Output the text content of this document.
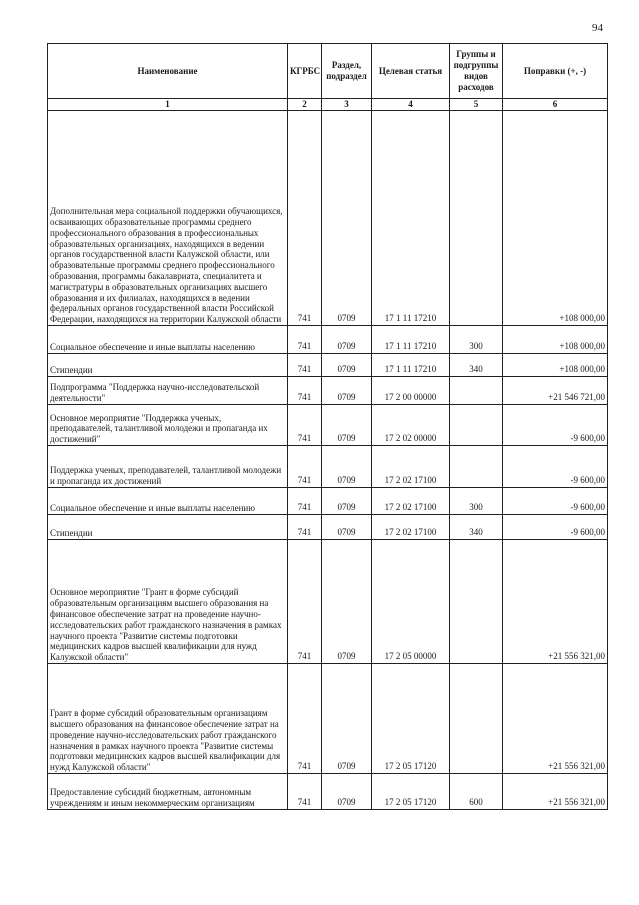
94
Наименование	КГРБС	Раздел, подраздел	Целевая статья	Группы и подгруппы видов расходов	Поправки (+, -)
1	2	3	4	5	6
Дополнительная мера социальной поддержки обучающихся, осваивающих образовательные программы среднего профессионального образования в профессиональных образовательных организациях, находящихся в ведении органов государственной власти Калужской области, или образовательные программы среднего профессионального образования, программы бакалавриата, специалитета и магистратуры в образовательных организациях высшего образования и их филиалах, находящихся в ведении федеральных органов государственной власти Российской Федерации, находящихся на территории Калужской области	741	0709	17 1 11 17210		+108 000,00
Социальное обеспечение и иные выплаты населению	741	0709	17 1 11 17210	300	+108 000,00
Стипендии	741	0709	17 1 11 17210	340	+108 000,00
Подпрограмма "Поддержка научно-исследовательской деятельности"	741	0709	17 2 00 00000		+21 546 721,00
Основное мероприятие "Поддержка ученых, преподавателей, талантливой молодежи и пропаганда их достижений"	741	0709	17 2 02 00000		-9 600,00
Поддержка ученых, преподавателей, талантливой молодежи и пропаганда их достижений	741	0709	17 2 02 17100		-9 600,00
Социальное обеспечение и иные выплаты населению	741	0709	17 2 02 17100	300	-9 600,00
Стипендии	741	0709	17 2 02 17100	340	-9 600,00
Основное мероприятие "Грант в форме субсидий образовательным организациям высшего образования на финансовое обеспечение затрат на проведение научно-исследовательских работ гражданского назначения в рамках научного проекта "Развитие системы подготовки медицинских кадров высшей квалификации для нужд Калужской области"	741	0709	17 2 05 00000		+21 556 321,00
Грант в форме субсидий образовательным организациям высшего образования на финансовое обеспечение затрат на проведение научно-исследовательских работ гражданского назначения в рамках научного проекта "Развитие системы подготовки медицинских кадров высшей квалификации для нужд Калужской области"	741	0709	17 2 05 17120		+21 556 321,00
Предоставление субсидий бюджетным, автономным учреждениям и иным некоммерческим организациям	741	0709	17 2 05 17120	600	+21 556 321,00
